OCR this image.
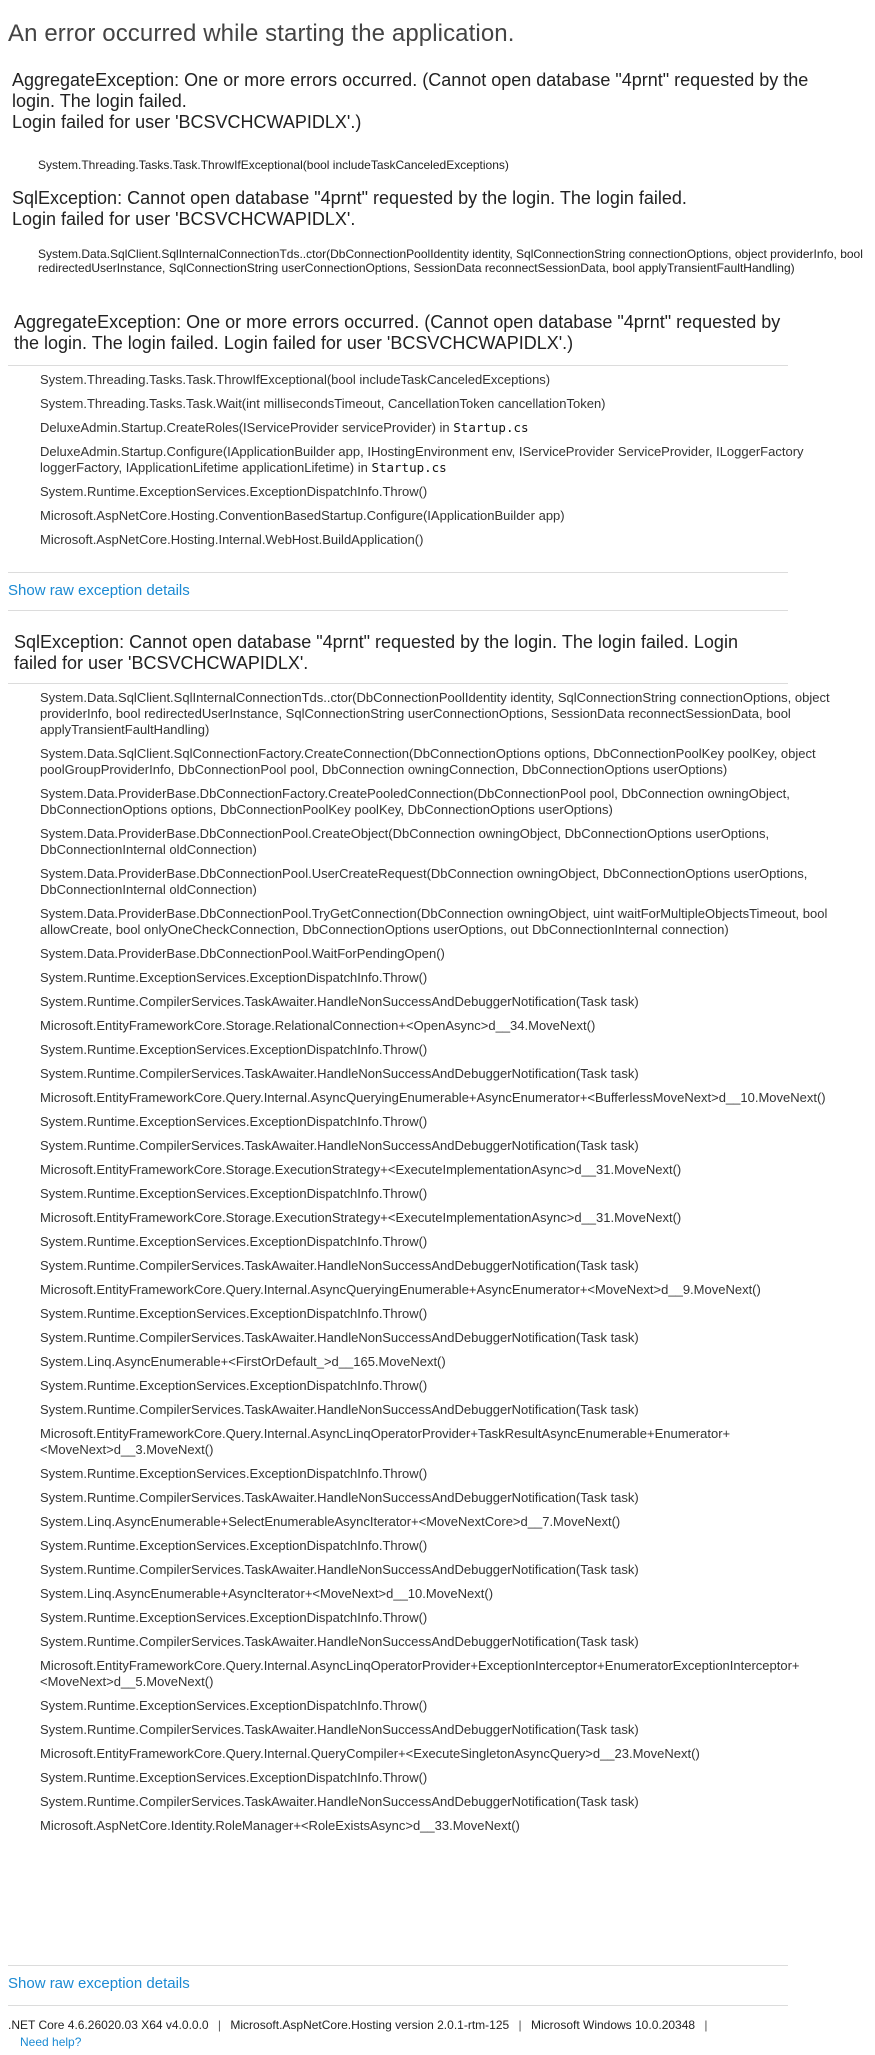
An error occurred while starting the application.
AggregateException: One or more errors occurred. (Cannot open database "4prnt" requested by the login. The login failed.
Login failed for user 'BCSVCHCWAPIDLX'.)
System.Threading.Tasks.Task.ThrowIfExceptional(bool includeTaskCanceledExceptions)
SqlException: Cannot open database "4prnt" requested by the login. The login failed.
Login failed for user 'BCSVCHCWAPIDLX'.
System.Data.SqlClient.SqlInternalConnectionTds..ctor(DbConnectionPoolIdentity identity, SqlConnectionString connectionOptions, object providerInfo, bool redirectedUserInstance, SqlConnectionString userConnectionOptions, SessionData reconnectSessionData, bool applyTransientFaultHandling)
AggregateException: One or more errors occurred. (Cannot open database "4prnt" requested by the login. The login failed. Login failed for user 'BCSVCHCWAPIDLX'.)
System.Threading.Tasks.Task.ThrowIfExceptional(bool includeTaskCanceledExceptions)
System.Threading.Tasks.Task.Wait(int millisecondsTimeout, CancellationToken cancellationToken)
DeluxeAdmin.Startup.CreateRoles(IServiceProvider serviceProvider) in Startup.cs
DeluxeAdmin.Startup.Configure(IApplicationBuilder app, IHostingEnvironment env, IServiceProvider ServiceProvider, ILoggerFactory loggerFactory, IApplicationLifetime applicationLifetime) in Startup.cs
System.Runtime.ExceptionServices.ExceptionDispatchInfo.Throw()
Microsoft.AspNetCore.Hosting.ConventionBasedStartup.Configure(IApplicationBuilder app)
Microsoft.AspNetCore.Hosting.Internal.WebHost.BuildApplication()
Show raw exception details
SqlException: Cannot open database "4prnt" requested by the login. The login failed. Login failed for user 'BCSVCHCWAPIDLX'.
System.Data.SqlClient.SqlInternalConnectionTds..ctor(DbConnectionPoolIdentity identity, SqlConnectionString connectionOptions, object providerInfo, bool redirectedUserInstance, SqlConnectionString userConnectionOptions, SessionData reconnectSessionData, bool applyTransientFaultHandling)
System.Data.SqlClient.SqlConnectionFactory.CreateConnection(DbConnectionOptions options, DbConnectionPoolKey poolKey, object poolGroupProviderInfo, DbConnectionPool pool, DbConnection owningConnection, DbConnectionOptions userOptions)
System.Data.ProviderBase.DbConnectionFactory.CreatePooledConnection(DbConnectionPool pool, DbConnection owningObject, DbConnectionOptions options, DbConnectionPoolKey poolKey, DbConnectionOptions userOptions)
System.Data.ProviderBase.DbConnectionPool.CreateObject(DbConnection owningObject, DbConnectionOptions userOptions, DbConnectionInternal oldConnection)
System.Data.ProviderBase.DbConnectionPool.UserCreateRequest(DbConnection owningObject, DbConnectionOptions userOptions, DbConnectionInternal oldConnection)
System.Data.ProviderBase.DbConnectionPool.TryGetConnection(DbConnection owningObject, uint waitForMultipleObjectsTimeout, bool allowCreate, bool onlyOneCheckConnection, DbConnectionOptions userOptions, out DbConnectionInternal connection)
System.Data.ProviderBase.DbConnectionPool.WaitForPendingOpen()
System.Runtime.ExceptionServices.ExceptionDispatchInfo.Throw()
System.Runtime.CompilerServices.TaskAwaiter.HandleNonSuccessAndDebuggerNotification(Task task)
Microsoft.EntityFrameworkCore.Storage.RelationalConnection+<OpenAsync>d__34.MoveNext()
System.Runtime.ExceptionServices.ExceptionDispatchInfo.Throw()
System.Runtime.CompilerServices.TaskAwaiter.HandleNonSuccessAndDebuggerNotification(Task task)
Microsoft.EntityFrameworkCore.Query.Internal.AsyncQueryingEnumerable+AsyncEnumerator+<BufferlessMoveNext>d__10.MoveNext()
System.Runtime.ExceptionServices.ExceptionDispatchInfo.Throw()
System.Runtime.CompilerServices.TaskAwaiter.HandleNonSuccessAndDebuggerNotification(Task task)
Microsoft.EntityFrameworkCore.Storage.ExecutionStrategy+<ExecuteImplementationAsync>d__31.MoveNext()
System.Runtime.ExceptionServices.ExceptionDispatchInfo.Throw()
Microsoft.EntityFrameworkCore.Storage.ExecutionStrategy+<ExecuteImplementationAsync>d__31.MoveNext()
System.Runtime.ExceptionServices.ExceptionDispatchInfo.Throw()
System.Runtime.CompilerServices.TaskAwaiter.HandleNonSuccessAndDebuggerNotification(Task task)
Microsoft.EntityFrameworkCore.Query.Internal.AsyncQueryingEnumerable+AsyncEnumerator+<MoveNext>d__9.MoveNext()
System.Runtime.ExceptionServices.ExceptionDispatchInfo.Throw()
System.Runtime.CompilerServices.TaskAwaiter.HandleNonSuccessAndDebuggerNotification(Task task)
System.Linq.AsyncEnumerable+<FirstOrDefault_>d__165.MoveNext()
System.Runtime.ExceptionServices.ExceptionDispatchInfo.Throw()
System.Runtime.CompilerServices.TaskAwaiter.HandleNonSuccessAndDebuggerNotification(Task task)
Microsoft.EntityFrameworkCore.Query.Internal.AsyncLinqOperatorProvider+TaskResultAsyncEnumerable+Enumerator+<MoveNext>d__3.MoveNext()
System.Runtime.ExceptionServices.ExceptionDispatchInfo.Throw()
System.Runtime.CompilerServices.TaskAwaiter.HandleNonSuccessAndDebuggerNotification(Task task)
System.Linq.AsyncEnumerable+SelectEnumerableAsyncIterator+<MoveNextCore>d__7.MoveNext()
System.Runtime.ExceptionServices.ExceptionDispatchInfo.Throw()
System.Runtime.CompilerServices.TaskAwaiter.HandleNonSuccessAndDebuggerNotification(Task task)
System.Linq.AsyncEnumerable+AsyncIterator+<MoveNext>d__10.MoveNext()
System.Runtime.ExceptionServices.ExceptionDispatchInfo.Throw()
System.Runtime.CompilerServices.TaskAwaiter.HandleNonSuccessAndDebuggerNotification(Task task)
Microsoft.EntityFrameworkCore.Query.Internal.AsyncLinqOperatorProvider+ExceptionInterceptor+EnumeratorExceptionInterceptor+<MoveNext>d__5.MoveNext()
System.Runtime.ExceptionServices.ExceptionDispatchInfo.Throw()
System.Runtime.CompilerServices.TaskAwaiter.HandleNonSuccessAndDebuggerNotification(Task task)
Microsoft.EntityFrameworkCore.Query.Internal.QueryCompiler+<ExecuteSingletonAsyncQuery>d__23.MoveNext()
System.Runtime.ExceptionServices.ExceptionDispatchInfo.Throw()
System.Runtime.CompilerServices.TaskAwaiter.HandleNonSuccessAndDebuggerNotification(Task task)
Microsoft.AspNetCore.Identity.RoleManager+<RoleExistsAsync>d__33.MoveNext()
Show raw exception details
.NET Core 4.6.26020.03 X64 v4.0.0.0 | Microsoft.AspNetCore.Hosting version 2.0.1-rtm-125 | Microsoft Windows 10.0.20348 |
Need help?
